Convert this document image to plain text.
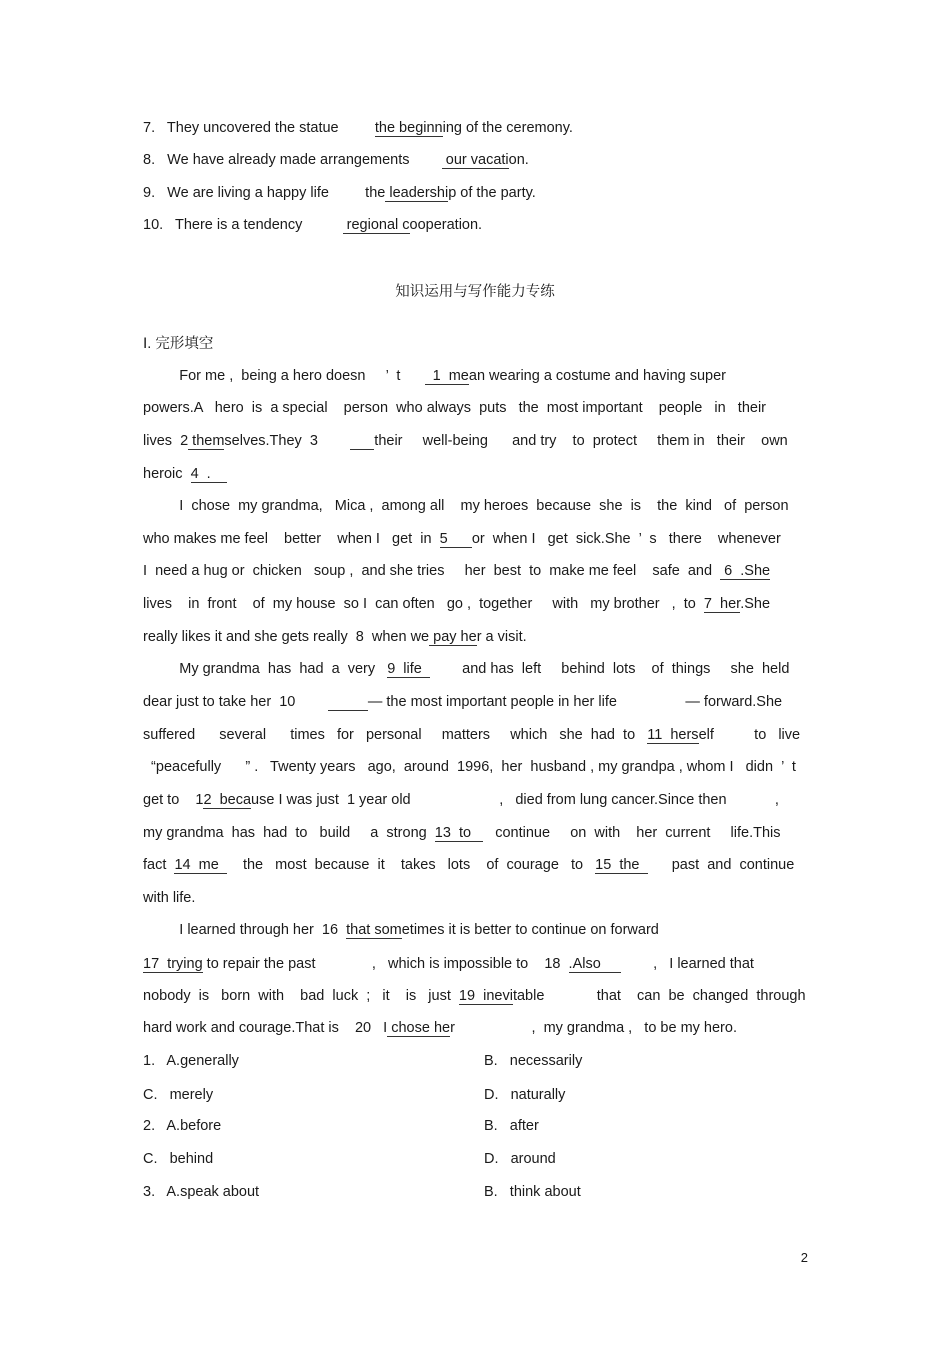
7.   They uncovered the statue         the beginning of the ceremony.
8.   We have already made arrangements         our vacation.
9.   We are living a happy life         the leadership of the party.
10.   There is a tendency           regional cooperation.
知识运用与写作能力专练
Ⅰ. 完形填空
For me ,  being a hero doesn     ’  t        1  mean wearing a costume and having super
powers.A   hero  is  a special    person  who always  puts   the  most important    people   in   their
lives  2 themselves.They  3              their     well-being      and try    to  protect     them in   their    own
heroic  4  .
I  chose  my grandma,   Mica ,  among all    my heroes  because  she  is    the  kind   of  person
who makes me feel    better    when I   get  in  5      or  when I   get  sick.She  ’  s   there    whenever
I  need a hug or  chicken   soup ,  and she tries     her  best  to  make me feel    safe  and   6  .She
lives    in  front    of  my house  so I  can often   go ,  together     with   my brother   ,  to  7  her.She
really likes it and she gets really  8  when we pay her a visit.
My grandma  has  had  a  very   9  life          and has  left     behind  lots    of  things     she  held
dear just to take her  10	— the most important people in her life                 — forward.She
suffered      several      times   for   personal     matters     which   she  had  to   11  herself          to   live
“peacefully      ” .   Twenty years   ago,  around  1996,  her  husband , my grandpa , whom I   didn  ’  t
get to    12  because I was just  1 year old                      ,   died from lung cancer.Since then            ,
my grandma  has  had  to   build     a  strong  13  to      continue     on  with    her  current     life.This
fact  14  me      the   most  because  it    takes   lots    of  courage   to   15  the        past  and  continue
with life.
I learned through her  16  that sometimes it is better to continue on forward
17  trying to repair the past              ,   which is impossible to    18  .Also             ,   I learned that
nobody  is   born  with    bad  luck  ;   it    is   just  19  inevitable             that    can  be  changed  through
hard work and courage.That is    20   I chose her                   ,  my grandma ,   to be my hero.
1.   A.generally	B.   necessarily
C.   merely	D.   naturally
2.   A.before	B.   after
C.   behind	D.   around
3.   A.speak about	B.   think about
2
